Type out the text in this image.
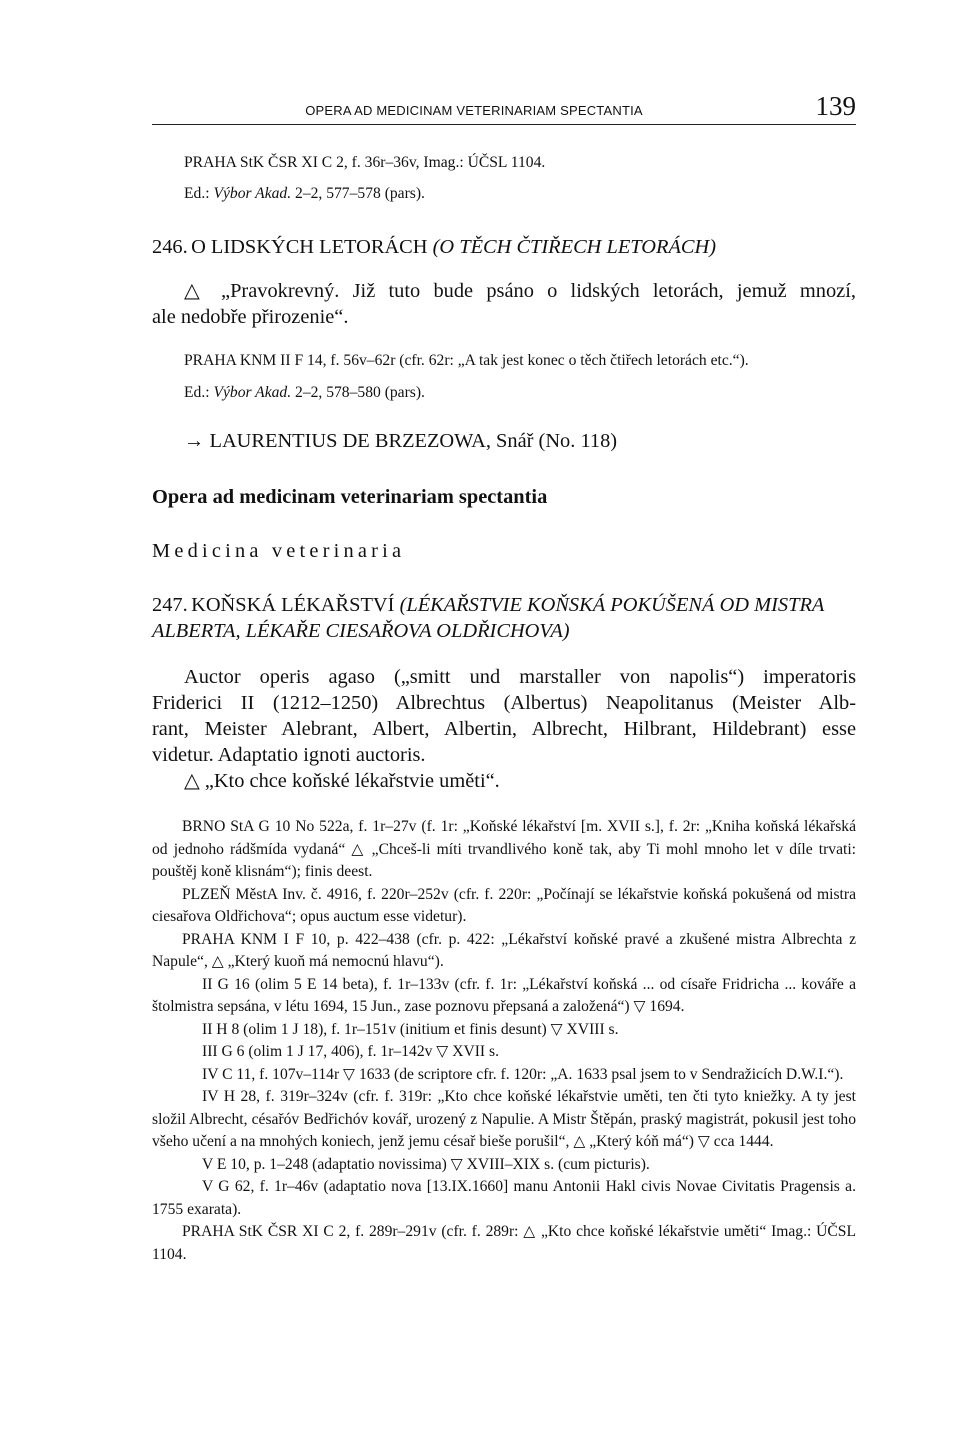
OPERA AD MEDICINAM VETERINARIAM SPECTANTIA	139

PRAHA StK ČSR XI C 2, f. 36r–36v, Imag.: ÚČSL 1104.

Ed.: Výbor Akad. 2–2, 577–578 (pars).

246. O LIDSKÝCH LETORÁCH (O TĚCH ČTIŘECH LETORÁCH)

△ „Pravokrevný. Již tuto bude psáno o lidských letorách, jemuž mnozí,

ale nedobře přirozenie“.

PRAHA KNM II F 14, f. 56v–62r (cfr. 62r: „A tak jest konec o těch čtiřech letorách etc.“).

Ed.: Výbor Akad. 2–2, 578–580 (pars).

→ LAURENTIUS DE BRZEZOWA, Snář (No. 118)
Opera ad medicinam veterinariam spectantia
Medicina veterinaria

247. KOŇSKÁ LÉKAŘSTVÍ (LÉKAŘSTVIE KOŇSKÁ POKÚŠENÁ OD MISTRA

ALBERTA, LÉKAŘE CIESAŘOVA OLDŘICHOVA)

Auctor operis agaso („smitt und marstaller von napolis“) imperatoris

Friderici II (1212–1250) Albrechtus (Albertus) Neapolitanus (Meister Alb-

rant, Meister Alebrant, Albert, Albertin, Albrecht, Hilbrant, Hildebrant) esse

videtur. Adaptatio ignoti auctoris.

△ „Kto chce koňské lékařstvie uměti“.

BRNO StA G 10 No 522a, f. 1r–27v (f. 1r: „Koňské lékařství [m. XVII s.], f. 2r: „Kniha koňská lékařská od jednoho rádšmída vydaná“ △ „Chceš-li míti trvandlivého koně tak, aby Ti mohl mnoho let v díle trvati: pouštěj koně klisnám“); finis deest.

PLZEŇ MěstA Inv. č. 4916, f. 220r–252v (cfr. f. 220r: „Počínají se lékařstvie koňská pokušená od mistra ciesařova Oldřichova“; opus auctum esse videtur).

PRAHA KNM I F 10, p. 422–438 (cfr. p. 422: „Lékařství koňské pravé a zkušené mistra Albrechta z Napule“, △ „Který kuoň má nemocnú hlavu“).

II G 16 (olim 5 E 14 beta), f. 1r–133v (cfr. f. 1r: „Lékařství koňská ... od císaře Fridricha ... kováře a štolmistra sepsána, v létu 1694, 15 Jun., zase poznovu přepsaná a založená“) ▽ 1694.

II H 8 (olim 1 J 18), f. 1r–151v (initium et finis desunt) ▽ XVIII s.

III G 6 (olim 1 J 17, 406), f. 1r–142v ▽ XVII s.

IV C 11, f. 107v–114r ▽ 1633 (de scriptore cfr. f. 120r: „A. 1633 psal jsem to v Sendražicích D.W.I.“).

IV H 28, f. 319r–324v (cfr. f. 319r: „Kto chce koňské lékařstvie uměti, ten čti tyto kniežky. A ty jest složil Albrecht, césařóv Bedřichóv kovář, urozený z Napulie. A Mistr Štěpán, praský magistrát, pokusil jest toho všeho učení a na mnohých koniech, jenž jemu césař bieše porušil“, △ „Který kóň má“) ▽ cca 1444.

V E 10, p. 1–248 (adaptatio novissima) ▽ XVIII–XIX s. (cum picturis).

V G 62, f. 1r–46v (adaptatio nova [13.IX.1660] manu Antonii Hakl civis Novae Civitatis Pragensis a. 1755 exarata).

PRAHA StK ČSR XI C 2, f. 289r–291v (cfr. f. 289r: △ „Kto chce koňské lékařstvie uměti“ Imag.: ÚČSL 1104.
